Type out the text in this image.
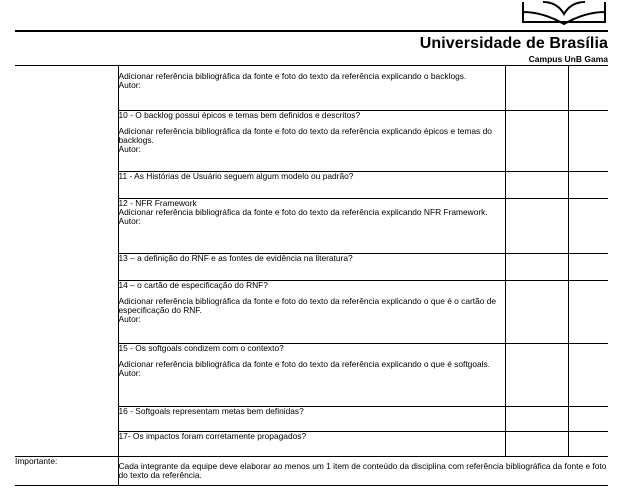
Universidade de Brasília
Campus UnB Gama

	Adicionar referência bibliográfica da fonte e foto do texto da referência explicando o backlogs.
Autor:		

	10 - O backlog possui épicos e temas bem definidos e descritos?
Adicionar referência bibliográfica da fonte e foto do texto da referência explicando épicos e temas do backlogs.
Autor:		

	11 - As Histórias de Usuário seguem algum modelo ou padrão?		

	12 - NFR Framework
Adicionar referência bibliográfica da fonte e foto do texto da referência explicando NFR Framework.
Autor:		

	13 – a definição do RNF e as fontes de evidência na literatura?		

	14 – o cartão de especificação do RNF?
Adicionar referência bibliográfica da fonte e foto do texto da referência explicando o que é o cartão de especificação do RNF.
Autor:		

	15 - Os softgoals condizem com o contexto?
Adicionar referência bibliográfica da fonte e foto do texto da referência explicando o que é softgoals.
Autor:		

	16 - Softgoals representam metas bem definidas?		

	17- Os impactos foram corretamente propagados?		

Importante:	Cada integrante da equipe deve elaborar ao menos um 1 item de conteúdo da disciplina com referência bibliográfica da fonte e foto do texto da referência.		
